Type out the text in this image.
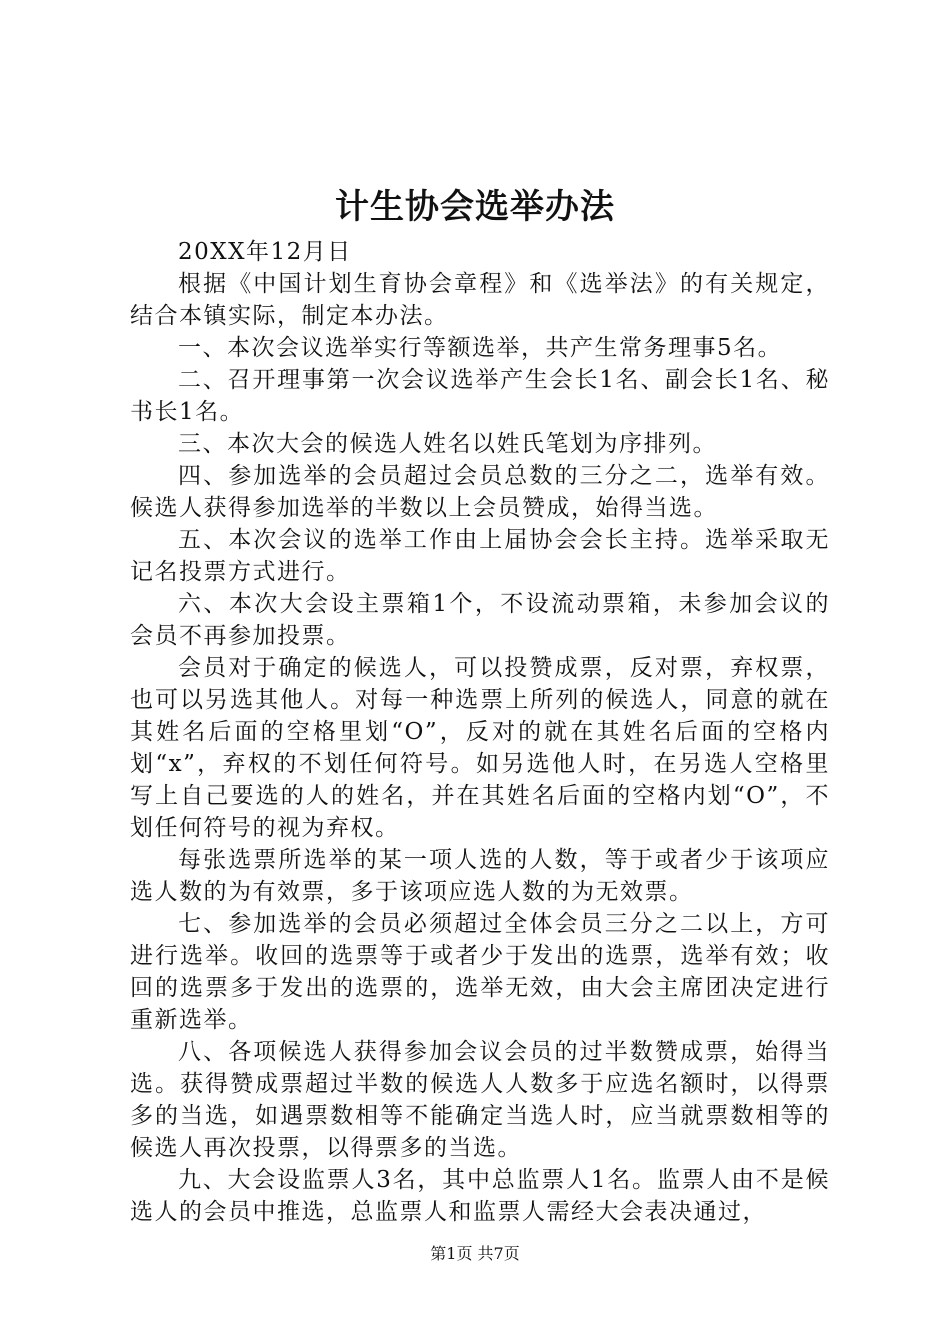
计生协会选举办法

20XX年12月日

根据《中国计划生育协会章程》和《选举法》的有关规定，结合本镇实际，制定本办法。

一、本次会议选举实行等额选举，共产生常务理事5名。

二、召开理事第一次会议选举产生会长1名、副会长1名、秘书长1名。

三、本次大会的候选人姓名以姓氏笔划为序排列。

四、参加选举的会员超过会员总数的三分之二，选举有效。候选人获得参加选举的半数以上会员赞成，始得当选。

五、本次会议的选举工作由上届协会会长主持。选举采取无记名投票方式进行。

六、本次大会设主票箱1个，不设流动票箱，未参加会议的会员不再参加投票。

会员对于确定的候选人，可以投赞成票，反对票，弃权票，也可以另选其他人。对每一种选票上所列的候选人，同意的就在其姓名后面的空格里划“O”，反对的就在其姓名后面的空格内划“x”，弃权的不划任何符号。如另选他人时，在另选人空格里写上自己要选的人的姓名，并在其姓名后面的空格内划“O”，不划任何符号的视为弃权。

每张选票所选举的某一项人选的人数，等于或者少于该项应选人数的为有效票，多于该项应选人数的为无效票。

七、参加选举的会员必须超过全体会员三分之二以上，方可进行选举。收回的选票等于或者少于发出的选票，选举有效；收回的选票多于发出的选票的，选举无效，由大会主席团决定进行重新选举。

八、各项候选人获得参加会议会员的过半数赞成票，始得当选。获得赞成票超过半数的候选人人数多于应选名额时，以得票多的当选，如遇票数相等不能确定当选人时，应当就票数相等的候选人再次投票，以得票多的当选。

九、大会设监票人3名，其中总监票人1名。监票人由不是候选人的会员中推选，总监票人和监票人需经大会表决通过，

第1页 共7页
